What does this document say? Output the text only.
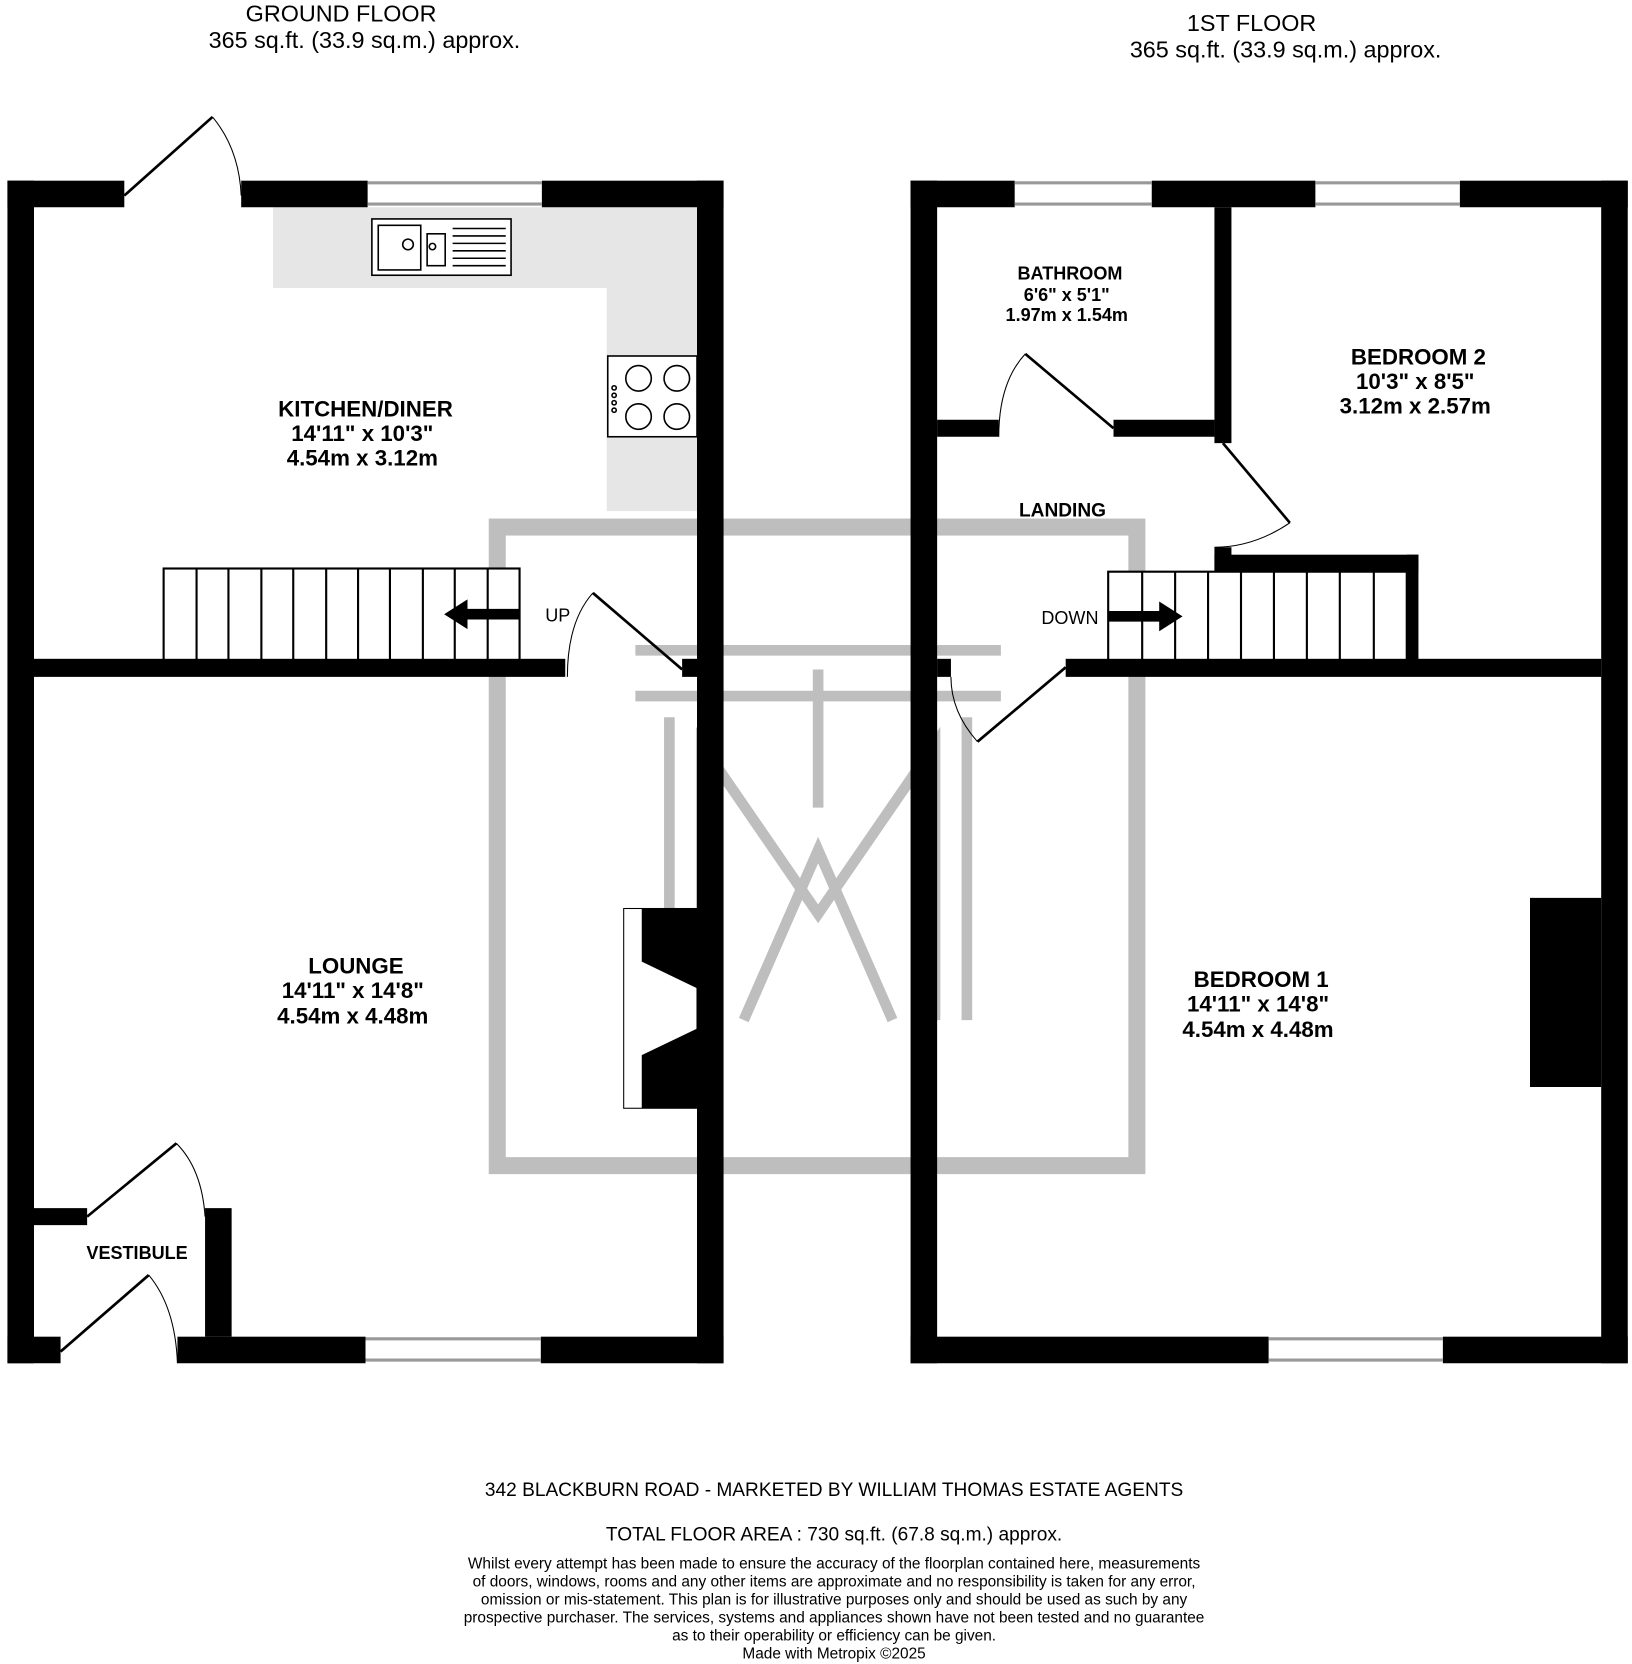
GROUND FLOOR
365 sq.ft. (33.9 sq.m.) approx.
1ST FLOOR
365 sq.ft. (33.9 sq.m.) approx.
KITCHEN/DINER
14'11" x 10'3"
4.54m x 3.12m
LOUNGE
14'11" x 14'8"
4.54m x 4.48m
VESTIBULE
UP
BATHROOM
6'6" x 5'1"
1.97m x 1.54m
BEDROOM 2
10'3" x 8'5"
3.12m x 2.57m
LANDING
BEDROOM 1
14'11" x 14'8"
4.54m x 4.48m
DOWN
342 BLACKBURN ROAD - MARKETED BY WILLIAM THOMAS ESTATE AGENTS
TOTAL FLOOR AREA : 730 sq.ft. (67.8 sq.m.) approx.
Whilst every attempt has been made to ensure the accuracy of the floorplan contained here, measurements
of doors, windows, rooms and any other items are approximate and no responsibility is taken for any error,
omission or mis-statement. This plan is for illustrative purposes only and should be used as such by any
prospective purchaser. The services, systems and appliances shown have not been tested and no guarantee
as to their operability or efficiency can be given.
Made with Metropix ©2025
